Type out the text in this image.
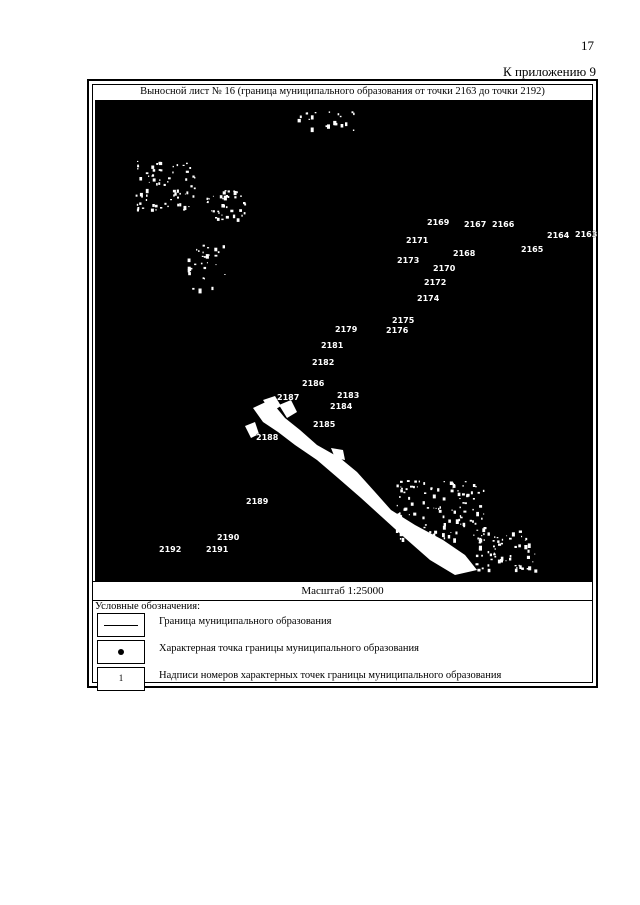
17
К приложению 9
Выносной лист № 16 (граница муниципального образования от точки 2163 до точки 2192)
2163
2164
2165
2166
2167
2168
2169
2170
2171
2172
2173
2174
2175
2176
2179
2181
2182
2183
2184
2185
2186
2187
2188
2189
2190
2191
2192
Масштаб 1:25000
Условные обозначения:
Граница муниципального образования
Характерная точка границы муниципального образования
1	Надписи номеров характерных точек границы муниципального образования
